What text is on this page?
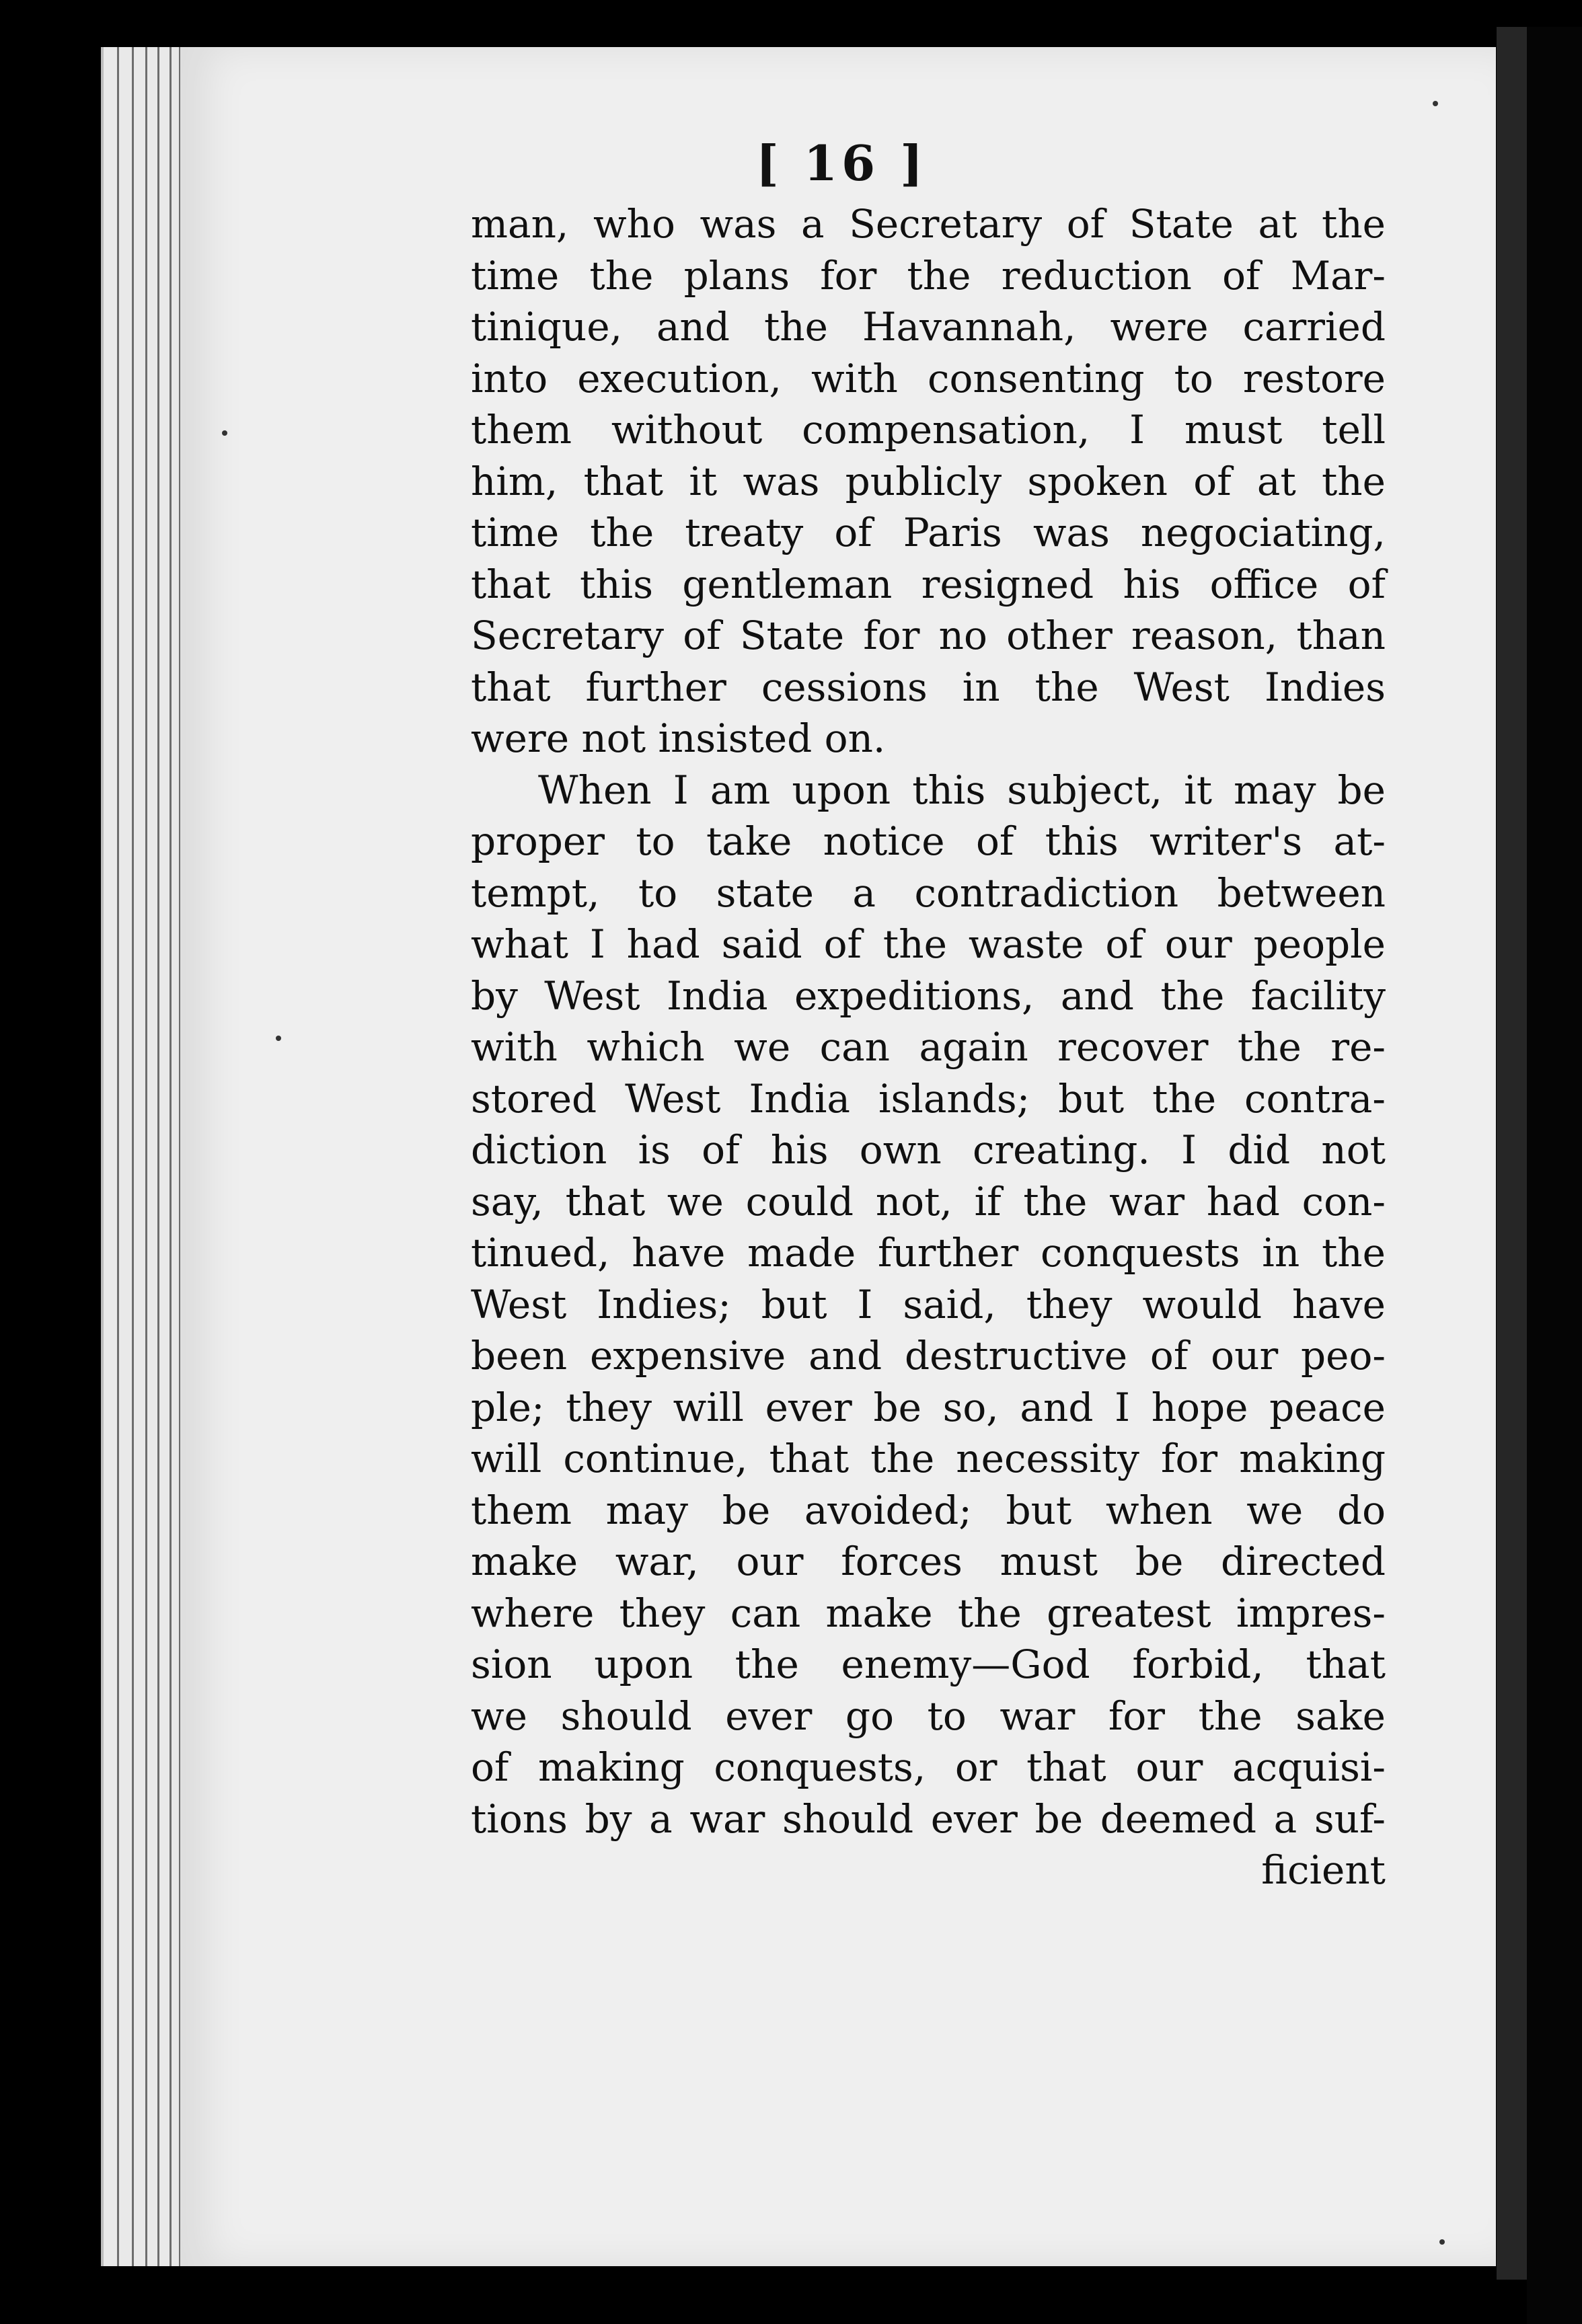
[ 16 ]
man, who was a Secretary of State at the
time the plans for the reduction of Mar-
tinique, and the Havannah, were carried
into execution, with consenting to restore
them without compensation, I must tell
him, that it was publicly spoken of at the
time the treaty of Paris was negociating,
that this gentleman resigned his office of
Secretary of State for no other reason, than
that further cessions in the West Indies
were not insisted on.
When I am upon this subject, it may be
proper to take notice of this writer's at-
tempt, to state a contradiction between
what I had said of the waste of our people
by West India expeditions, and the facility
with which we can again recover the re-
stored West India islands; but the contra-
diction is of his own creating. I did not
say, that we could not, if the war had con-
tinued, have made further conquests in the
West Indies; but I said, they would have
been expensive and destructive of our peo-
ple; they will ever be so, and I hope peace
will continue, that the necessity for making
them may be avoided; but when we do
make war, our forces must be directed
where they can make the greatest impres-
sion upon the enemy—God forbid, that
we should ever go to war for the sake
of making conquests, or that our acquisi-
tions by a war should ever be deemed a suf-
ficient
